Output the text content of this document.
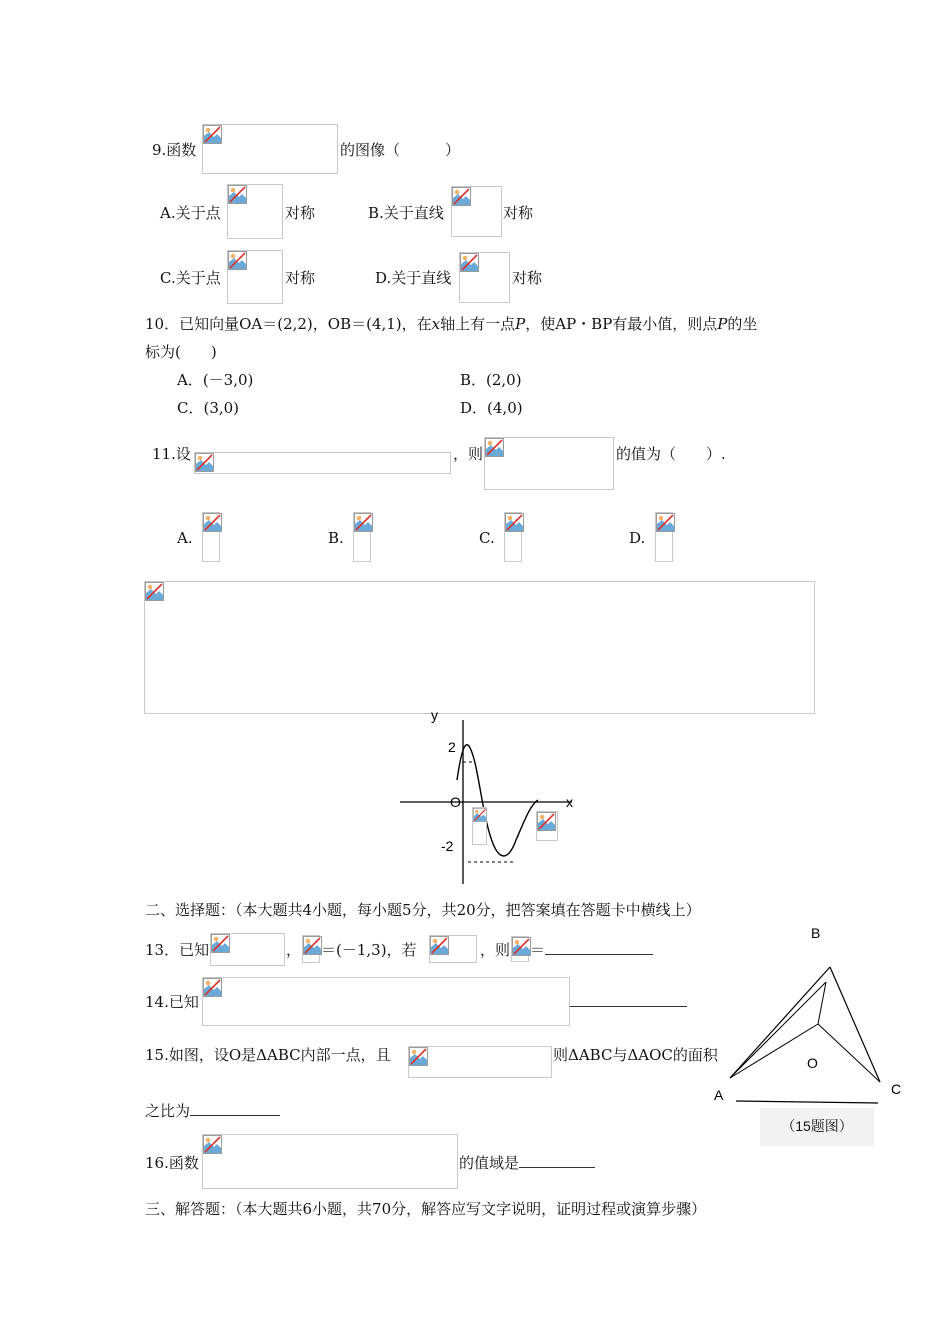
9.函数	的图像（　　　）
A.关于点	对称	B.关于直线	对称
C.关于点	对称	D.关于直线	对称
10．已知向量OA＝(2,2)，OB＝(4,1)，在x轴上有一点P，使AP・BP有最小值，则点P的坐
标为(　　)
A．(－3,0)	B．(2,0)
C．(3,0)	D．(4,0)
11.设	，则	的值为（　　）.
A.	B.	C.	D.
y
x
O
2
-2
二、选择题：（本大题共4小题，每小题5分，共20分，把答案填在答题卡中横线上）
13．已知	， ＝(－1,3)，若	，则 ＝
14.已知
15.如图，设O是ΔABC内部一点，且	则ΔABC与ΔAOC的面积
之比为
B
A	C
O
（15题图）
16.函数	的值域是
三、解答题：（本大题共6小题，共70分，解答应写文字说明，证明过程或演算步骤）
